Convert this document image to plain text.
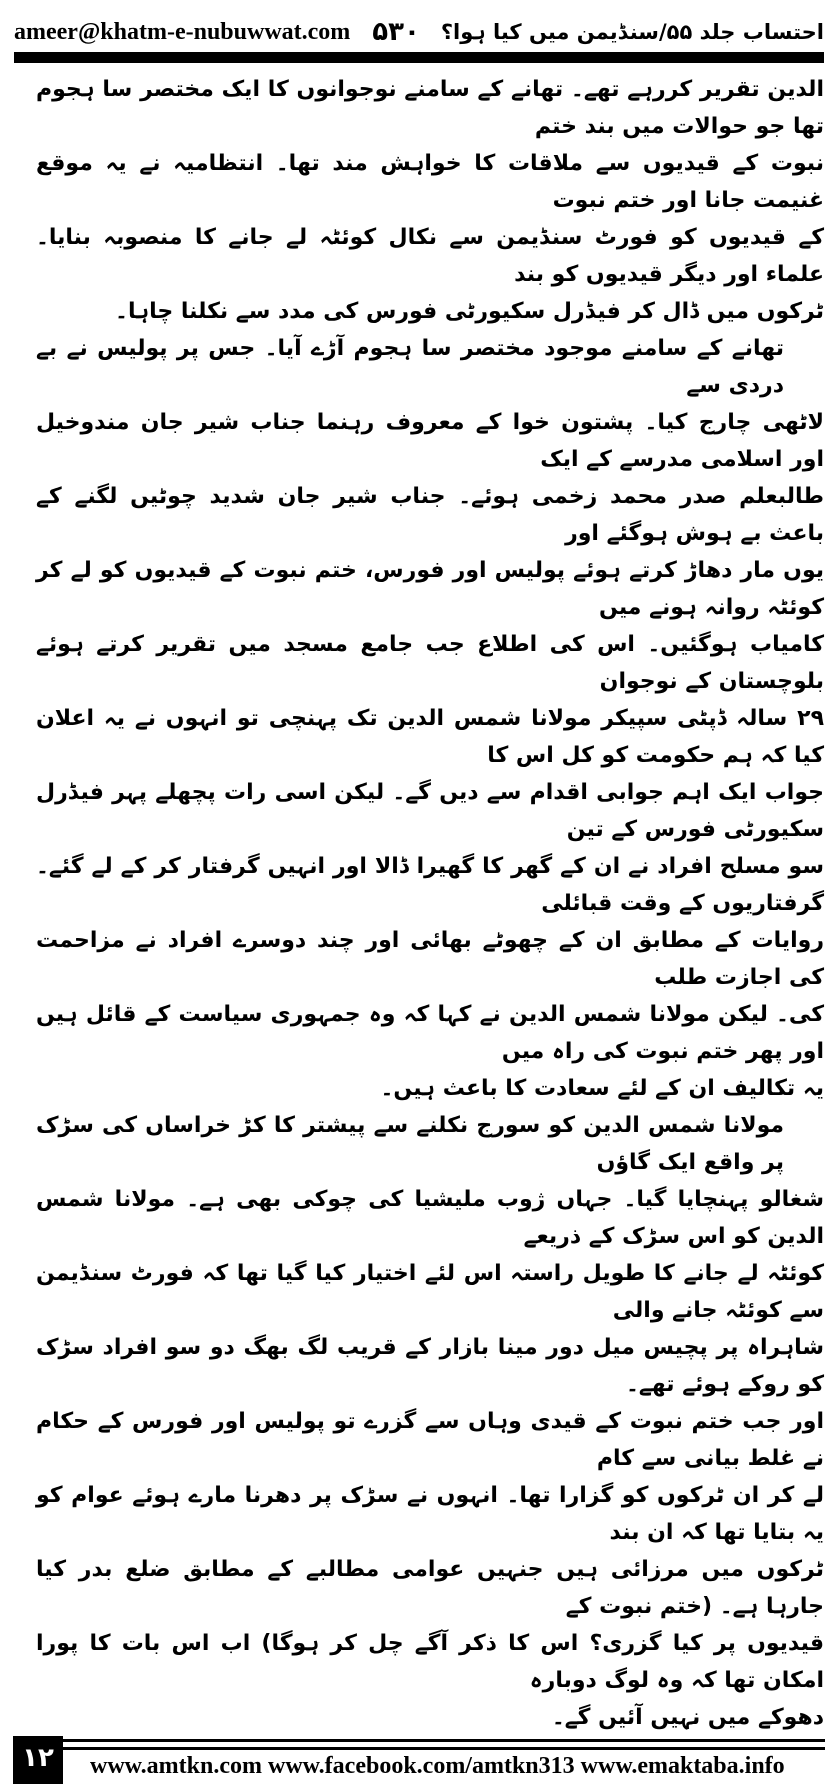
ameer@khatm-e-nubuwwat.com ۵۳۰ احتساب جلد ۵۵/سنڈیمن میں کیا ہوا؟
الدین تقریر کررہے تھے۔ تھانے کے سامنے نوجوانوں کا ایک مختصر سا ہجوم تھا جو حوالات میں بند ختم
نبوت کے قیدیوں سے ملاقات کا خواہش مند تھا۔ انتظامیہ نے یہ موقع غنیمت جانا اور ختم نبوت
کے قیدیوں کو فورٹ سنڈیمن سے نکال کوئٹہ لے جانے کا منصوبہ بنایا۔ علماء اور دیگر قیدیوں کو بند
ٹرکوں میں ڈال کر فیڈرل سکیورٹی فورس کی مدد سے نکلنا چاہا۔
تھانے کے سامنے موجود مختصر سا ہجوم آڑے آیا۔ جس پر پولیس نے بے دردی سے
لاٹھی چارج کیا۔ پشتون خوا کے معروف رہنما جناب شیر جان مندوخیل اور اسلامی مدرسے کے ایک
طالبعلم صدر محمد زخمی ہوئے۔ جناب شیر جان شدید چوٹیں لگنے کے باعث بے ہوش ہوگئے اور
یوں مار دھاڑ کرتے ہوئے پولیس اور فورس، ختم نبوت کے قیدیوں کو لے کر کوئٹہ روانہ ہونے میں
کامیاب ہوگئیں۔ اس کی اطلاع جب جامع مسجد میں تقریر کرتے ہوئے بلوچستان کے نوجوان
۲۹ سالہ ڈپٹی سپیکر مولانا شمس الدین تک پہنچی تو انہوں نے یہ اعلان کیا کہ ہم حکومت کو کل اس کا
جواب ایک اہم جوابی اقدام سے دیں گے۔ لیکن اسی رات پچھلے پہر فیڈرل سکیورٹی فورس کے تین
سو مسلح افراد نے ان کے گھر کا گھیرا ڈالا اور انہیں گرفتار کر کے لے گئے۔ گرفتاریوں کے وقت قبائلی
روایات کے مطابق ان کے چھوٹے بھائی اور چند دوسرے افراد نے مزاحمت کی اجازت طلب
کی۔ لیکن مولانا شمس الدین نے کہا کہ وہ جمہوری سیاست کے قائل ہیں اور پھر ختم نبوت کی راہ میں
یہ تکالیف ان کے لئے سعادت کا باعث ہیں۔
مولانا شمس الدین کو سورج نکلنے سے پیشتر کا کڑ خراساں کی سڑک پر واقع ایک گاؤں
شغالو پہنچایا گیا۔ جہاں ژوب ملیشیا کی چوکی بھی ہے۔ مولانا شمس الدین کو اس سڑک کے ذریعے
کوئٹہ لے جانے کا طویل راستہ اس لئے اختیار کیا گیا تھا کہ فورٹ سنڈیمن سے کوئٹہ جانے والی
شاہراہ پر پچیس میل دور مینا بازار کے قریب لگ بھگ دو سو افراد سڑک کو روکے ہوئے تھے۔
اور جب ختم نبوت کے قیدی وہاں سے گزرے تو پولیس اور فورس کے حکام نے غلط بیانی سے کام
لے کر ان ٹرکوں کو گزارا تھا۔ انہوں نے سڑک پر دھرنا مارے ہوئے عوام کو یہ بتایا تھا کہ ان بند
ٹرکوں میں مرزائی ہیں جنہیں عوامی مطالبے کے مطابق ضلع بدر کیا جارہا ہے۔ (ختم نبوت کے
قیدیوں پر کیا گزری؟ اس کا ذکر آگے چل کر ہوگا) اب اس بات کا پورا امکان تھا کہ وہ لوگ دوبارہ
دھوکے میں نہیں آئیں گے۔
۱۲	www.amtkn.com www.facebook.com/amtkn313 www.emaktaba.info
